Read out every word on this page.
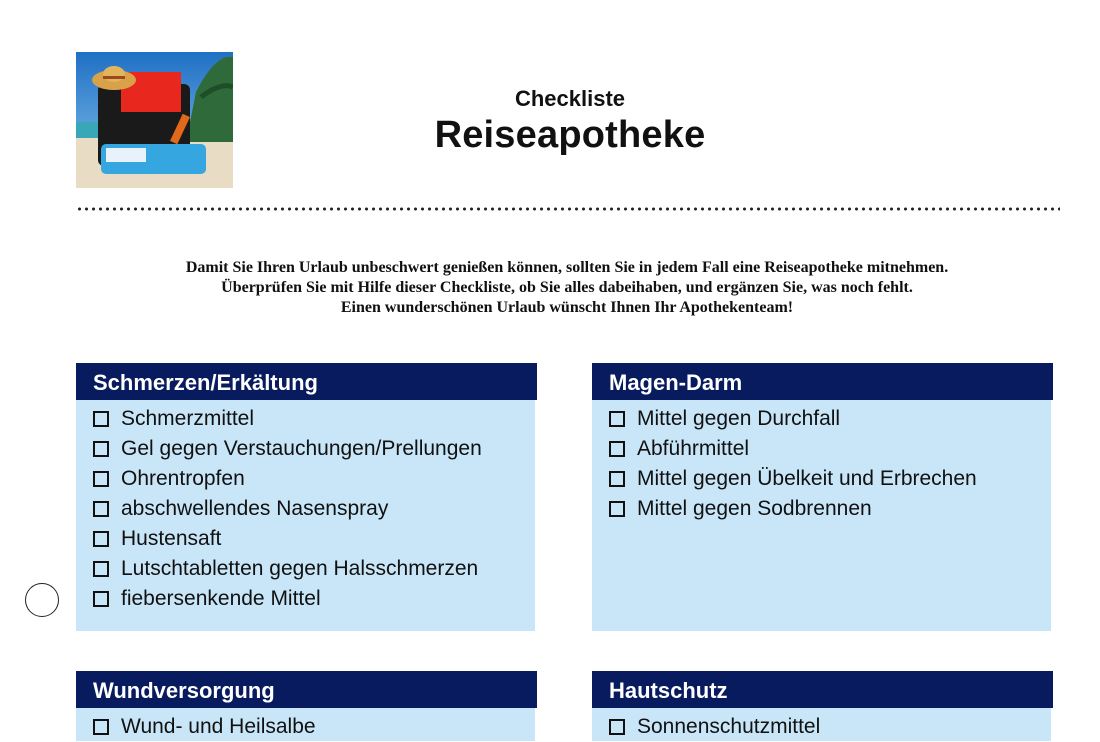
Checkliste
Reiseapotheke
Damit Sie Ihren Urlaub unbeschwert genießen können, sollten Sie in jedem Fall eine Reiseapotheke mitnehmen.
Überprüfen Sie mit Hilfe dieser Checkliste, ob Sie alles dabeihaben, und ergänzen Sie, was noch fehlt.
Einen wunderschönen Urlaub wünscht Ihnen Ihr Apothekenteam!
Schmerzen/Erkältung
Schmerzmittel
Gel gegen Verstauchungen/Prellungen
Ohrentropfen
abschwellendes Nasenspray
Hustensaft
Lutschtabletten gegen Halsschmerzen
fiebersenkende Mittel
Magen-Darm
Mittel gegen Durchfall
Abführmittel
Mittel gegen Übelkeit und Erbrechen
Mittel gegen Sodbrennen
Wundversorgung
Wund- und Heilsalbe
Hautschutz
Sonnenschutzmittel
